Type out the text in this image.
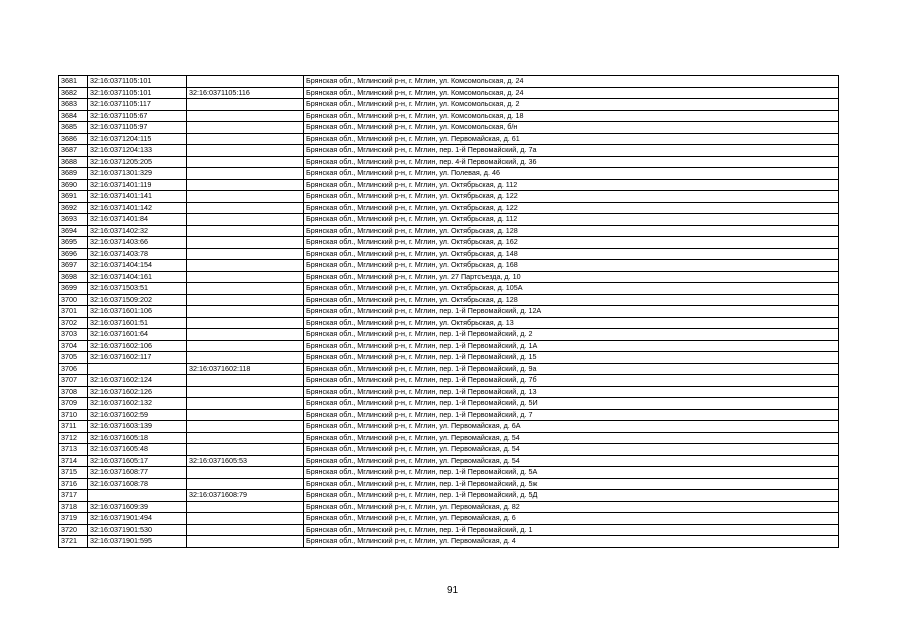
3681	32:16:0371105:101		Брянская обл., Мглинский р-н, г. Мглин, ул. Комсомольская, д. 24
3682	32:16:0371105:101	32:16:0371105:116	Брянская обл., Мглинский р-н, г. Мглин, ул. Комсомольская, д. 24
3683	32:16:0371105:117		Брянская обл., Мглинский р-н, г. Мглин, ул. Комсомольская, д. 2
3684	32:16:0371105:67		Брянская обл., Мглинский р-н, г. Мглин, ул. Комсомольская, д. 18
3685	32:16:0371105:97		Брянская обл., Мглинский р-н, г. Мглин, ул. Комсомольская, б/н
3686	32:16:0371204:115		Брянская обл., Мглинский р-н, г. Мглин, ул. Первомайская, д. 61
3687	32:16:0371204:133		Брянская обл., Мглинский р-н, г. Мглин, пер. 1-й Первомайский, д. 7а
3688	32:16:0371205:205		Брянская обл., Мглинский р-н, г. Мглин, пер. 4-й Первомайский, д. 36
3689	32:16:0371301:329		Брянская обл., Мглинский р-н, г. Мглин, ул. Полевая, д. 46
3690	32:16:0371401:119		Брянская обл., Мглинский р-н, г. Мглин, ул. Октябрьская, д. 112
3691	32:16:0371401:141		Брянская обл., Мглинский р-н, г. Мглин, ул. Октябрьская, д. 122
3692	32:16:0371401:142		Брянская обл., Мглинский р-н, г. Мглин, ул. Октябрьская, д. 122
3693	32:16:0371401:84		Брянская обл., Мглинский р-н, г. Мглин, ул. Октябрьская, д. 112
3694	32:16:0371402:32		Брянская обл., Мглинский р-н, г. Мглин, ул. Октябрьская, д. 128
3695	32:16:0371403:66		Брянская обл., Мглинский р-н, г. Мглин, ул. Октябрьская, д. 162
3696	32:16:0371403:78		Брянская обл., Мглинский р-н, г. Мглин, ул. Октябрьская, д. 148
3697	32:16:0371404:154		Брянская обл., Мглинский р-н, г. Мглин, ул. Октябрьская, д. 168
3698	32:16:0371404:161		Брянская обл., Мглинский р-н, г. Мглин, ул. 27 Партсъезда, д. 10
3699	32:16:0371503:51		Брянская обл., Мглинский р-н, г. Мглин, ул. Октябрьская, д. 105А
3700	32:16:0371509:202		Брянская обл., Мглинский р-н, г. Мглин, ул. Октябрьская, д. 128
3701	32:16:0371601:106		Брянская обл., Мглинский р-н, г. Мглин, пер. 1-й Первомайский, д. 12А
3702	32:16:0371601:51		Брянская обл., Мглинский р-н, г. Мглин, ул. Октябрьская, д. 13
3703	32:16:0371601:64		Брянская обл., Мглинский р-н, г. Мглин, пер. 1-й Первомайский, д. 2
3704	32:16:0371602:106		Брянская обл., Мглинский р-н, г. Мглин, пер. 1-й Первомайский, д. 1А
3705	32:16:0371602:117		Брянская обл., Мглинский р-н, г. Мглин, пер. 1-й Первомайский, д. 15
3706		32:16:0371602:118	Брянская обл., Мглинский р-н, г. Мглин, пер. 1-й Первомайский, д. 9а
3707	32:16:0371602:124		Брянская обл., Мглинский р-н, г. Мглин, пер. 1-й Первомайский, д. 7б
3708	32:16:0371602:126		Брянская обл., Мглинский р-н, г. Мглин, пер. 1-й Первомайский, д. 13
3709	32:16:0371602:132		Брянская обл., Мглинский р-н, г. Мглин, пер. 1-й Первомайский, д. 5И
3710	32:16:0371602:59		Брянская обл., Мглинский р-н, г. Мглин, пер. 1-й Первомайский, д. 7
3711	32:16:0371603:139		Брянская обл., Мглинский р-н, г. Мглин, ул. Первомайская, д. 6А
3712	32:16:0371605:18		Брянская обл., Мглинский р-н, г. Мглин, ул. Первомайская, д. 54
3713	32:16:0371605:48		Брянская обл., Мглинский р-н, г. Мглин, ул. Первомайская, д. 54
3714	32:16:0371605:17	32:16:0371605:53	Брянская обл., Мглинский р-н, г. Мглин, ул. Первомайская, д. 54
3715	32:16:0371608:77		Брянская обл., Мглинский р-н, г. Мглин, пер. 1-й Первомайский, д. 5А
3716	32:16:0371608:78		Брянская обл., Мглинский р-н, г. Мглин, пер. 1-й Первомайский, д. 5ж
3717		32:16:0371608:79	Брянская обл., Мглинский р-н, г. Мглин, пер. 1-й Первомайский, д. 5Д
3718	32:16:0371609:39		Брянская обл., Мглинский р-н, г. Мглин, ул. Первомайская, д. 82
3719	32:16:0371901:494		Брянская обл., Мглинский р-н, г. Мглин, ул. Первомайская, д. 6
3720	32:16:0371901:530		Брянская обл., Мглинский р-н, г. Мглин, пер. 1-й Первомайский, д. 1
3721	32:16:0371901:595		Брянская обл., Мглинский р-н, г. Мглин, ул. Первомайская, д. 4
91
